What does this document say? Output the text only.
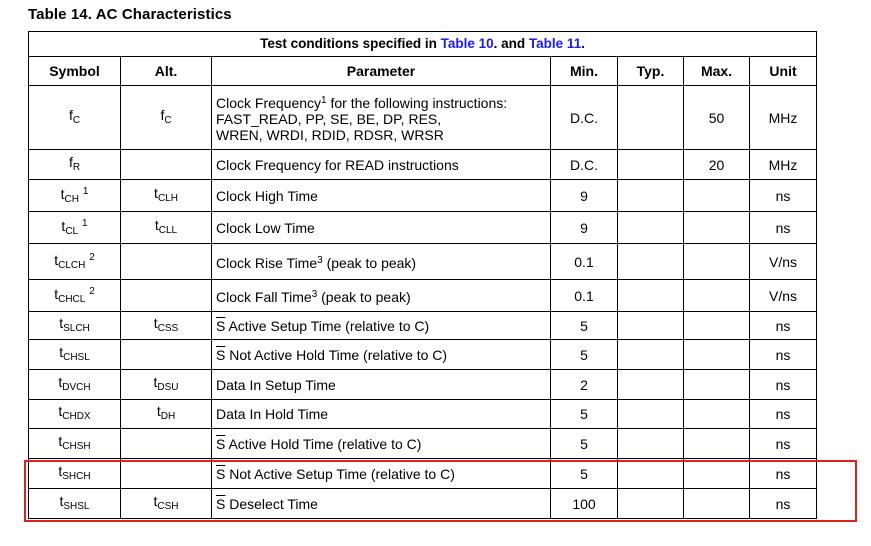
Table 14. AC Characteristics
Test conditions specified in Table 10. and Table 11.						
Symbol	Alt.	Parameter	Min.	Typ.	Max.	Unit
$f_C$	$f_C$	Clock Frequency$^1$ for the following instructions:
FAST_READ, PP, SE, BE, DP, RES,
WREN, WRDI, RDID, RDSR, WRSR	D.C.		50	MHz
$f_R$		Clock Frequency for READ instructions	D.C.		20	MHz
$t_{CH}$ $^1$	$t_{CLH}$	Clock High Time	9			ns
$t_{CL}$ $^1$	$t_{CLL}$	Clock Low Time	9			ns
$t_{CLCH}$ $^2$		Clock Rise Time$^3$ (peak to peak)	0.1			V/ns
$t_{CHCL}$ $^2$		Clock Fall Time$^3$ (peak to peak)	0.1			V/ns
$t_{SLCH}$	$t_{CSS}$	$\overline{S}$ Active Setup Time (relative to C)	5			ns
$t_{CHSL}$		$\overline{S}$ Not Active Hold Time (relative to C)	5			ns
$t_{DVCH}$	$t_{DSU}$	Data In Setup Time	2			ns
$t_{CHDX}$	$t_{DH}$	Data In Hold Time	5			ns
$t_{CHSH}$		$\overline{S}$ Active Hold Time (relative to C)	5			ns
$t_{SHCH}$		$\overline{S}$ Not Active Setup Time (relative to C)	5			ns
$t_{SHSL}$	$t_{CSH}$	$\overline{S}$ Deselect Time	100			ns
